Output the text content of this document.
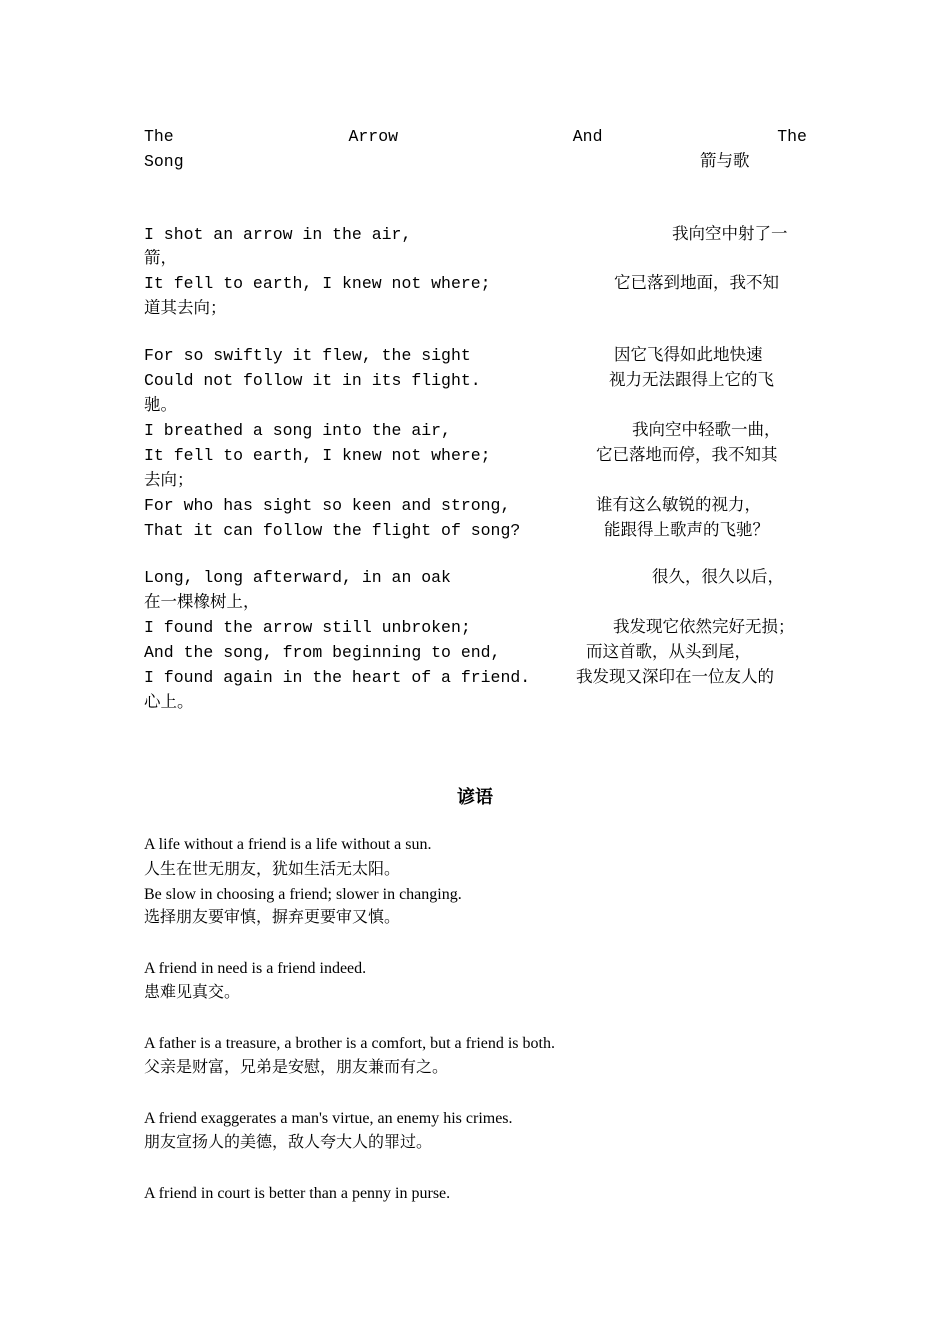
The	Arrow	And	The
Song	箭与歌
I shot an arrow in the air,	我向空中射了一
箭，
It fell to earth, I knew not where;	它已落到地面，我不知
道其去向；
For so swiftly it flew, the sight	因它飞得如此地快速
Could not follow it in its flight.	视力无法跟得上它的飞
驰。
I breathed a song into the air,	我向空中轻歌一曲，
It fell to earth, I knew not where;	它已落地而停，我不知其
去向；
For who has sight so keen and strong,	谁有这么敏锐的视力，
That it can follow the flight of song?	能跟得上歌声的飞驰？
Long, long afterward, in an oak	很久，很久以后，
在一棵橡树上，
I found the arrow still unbroken;	我发现它依然完好无损；
And the song, from beginning to end,	而这首歌，从头到尾，
I found again in the heart of a friend.	我发现又深印在一位友人的
心上。
谚语
A life without a friend is a life without a sun.
人生在世无朋友，犹如生活无太阳。
Be slow in choosing a friend; slower in changing.
选择朋友要审慎，摒弃更要审又慎。
A friend in need is a friend indeed.
患难见真交。
A father is a treasure, a brother is a comfort, but a friend is both.
父亲是财富，兄弟是安慰，朋友兼而有之。
A friend exaggerates a man's virtue, an enemy his crimes.
朋友宣扬人的美德，敌人夸大人的罪过。
A friend in court is better than a penny in purse.
